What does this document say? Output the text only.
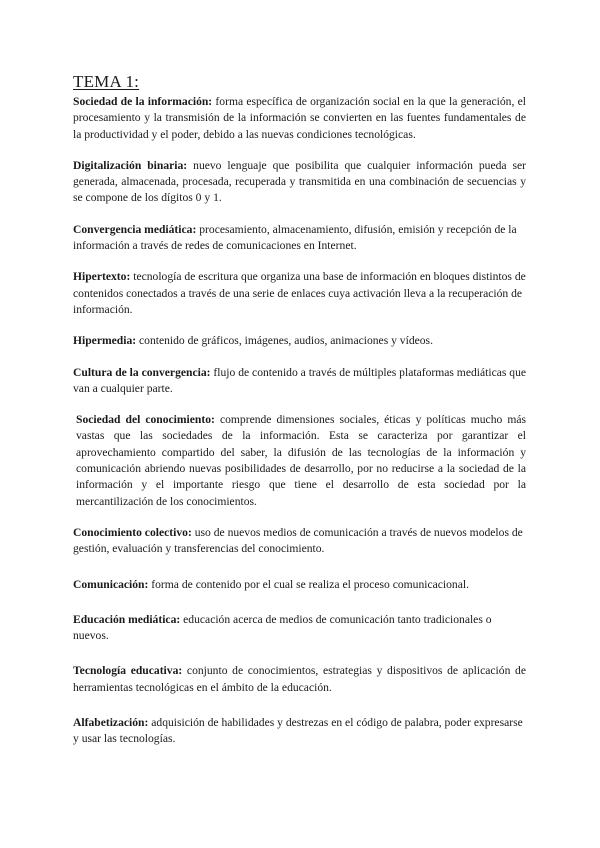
TEMA 1:

Sociedad de la información: forma específica de organización social en la que la generación, el procesamiento y la transmisión de la información se convierten en las fuentes fundamentales de la productividad y el poder, debido a las nuevas condiciones tecnológicas.

Digitalización binaria: nuevo lenguaje que posibilita que cualquier información pueda ser generada, almacenada, procesada, recuperada y transmitida en una combinación de secuencias y se compone de los dígitos 0 y 1.

Convergencia mediática: procesamiento, almacenamiento, difusión, emisión y recepción de la información a través de redes de comunicaciones en Internet.

Hipertexto: tecnología de escritura que organiza una base de información en bloques distintos de contenidos conectados a través de una serie de enlaces cuya activación lleva a la recuperación de información.

Hipermedia: contenido de gráficos, imágenes, audios, animaciones y vídeos.

Cultura de la convergencia: flujo de contenido a través de múltiples plataformas mediáticas que van a cualquier parte.

Sociedad del conocimiento: comprende dimensiones sociales, éticas y políticas mucho más vastas que las sociedades de la información. Esta se caracteriza por garantizar el aprovechamiento compartido del saber, la difusión de las tecnologías de la información y comunicación abriendo nuevas posibilidades de desarrollo, por no reducirse a la sociedad de la información y el importante riesgo que tiene el desarrollo de esta sociedad por la mercantilización de los conocimientos.

Conocimiento colectivo: uso de nuevos medios de comunicación a través de nuevos modelos de gestión, evaluación y transferencias del conocimiento.

Comunicación: forma de contenido por el cual se realiza el proceso comunicacional.

Educación mediática: educación acerca de medios de comunicación tanto tradicionales o nuevos.

Tecnología educativa: conjunto de conocimientos, estrategias y dispositivos de aplicación de herramientas tecnológicas en el ámbito de la educación.

Alfabetización: adquisición de habilidades y destrezas en el código de palabra, poder expresarse y usar las tecnologías.
